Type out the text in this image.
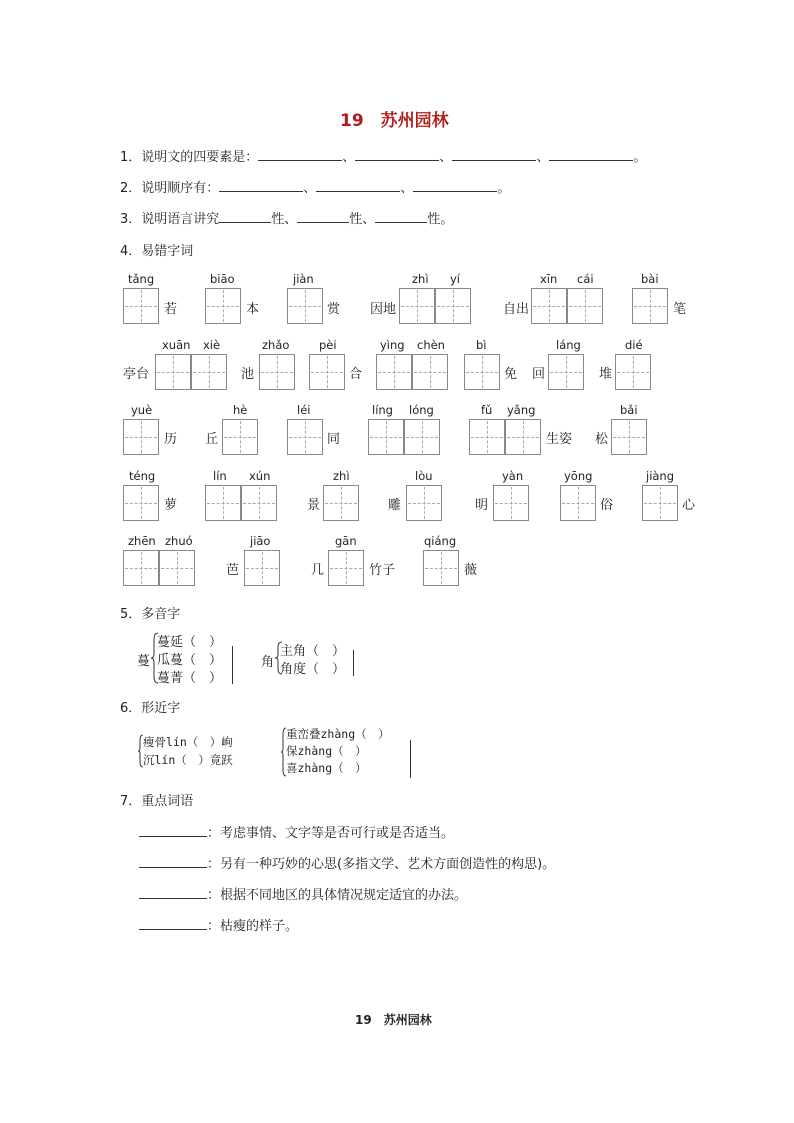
19　苏州园林
1．说明文的四要素是：	、	、	、	。
2．说明顺序有：	、	、	。
3．说明语言讲究	性、	性、	性。
4．易错字词
tǎng
若
biāo
本
jiàn
赏 因地
zhì yí
自出
xīn cái	bài
笔
亭台
xuān xiè
池
zhǎo	pèi
合
yìng chèn	bì
免 回
láng
堆
dié
yuè
历 丘
hè	léi
同
líng lóng	fǔ yǎng
生姿 松
bǎi
téng
萝
lín xún
景
zhì
雕
lòu
明
yàn	yōng
俗
jiàng
心
zhēn zhuó
芭
jiāo
几
gān
竹子
qiáng
薇
5．多音字
蔓
蔓延（　）
瓜蔓（　）
蔓菁（　）
角
主角（　）
角度（　）
6．形近字
瘦骨lín（　）峋
沉lín（　）竟跃
重峦叠zhàng（　）
保zhàng（　）
喜zhàng（　）
7．重点词语
：考虑事情、文字等是否可行或是否适当。
：另有一种巧妙的心思(多指文学、艺术方面创造性的构思)。
：根据不同地区的具体情况规定适宜的办法。
：枯瘦的样子。
19　苏州园林
